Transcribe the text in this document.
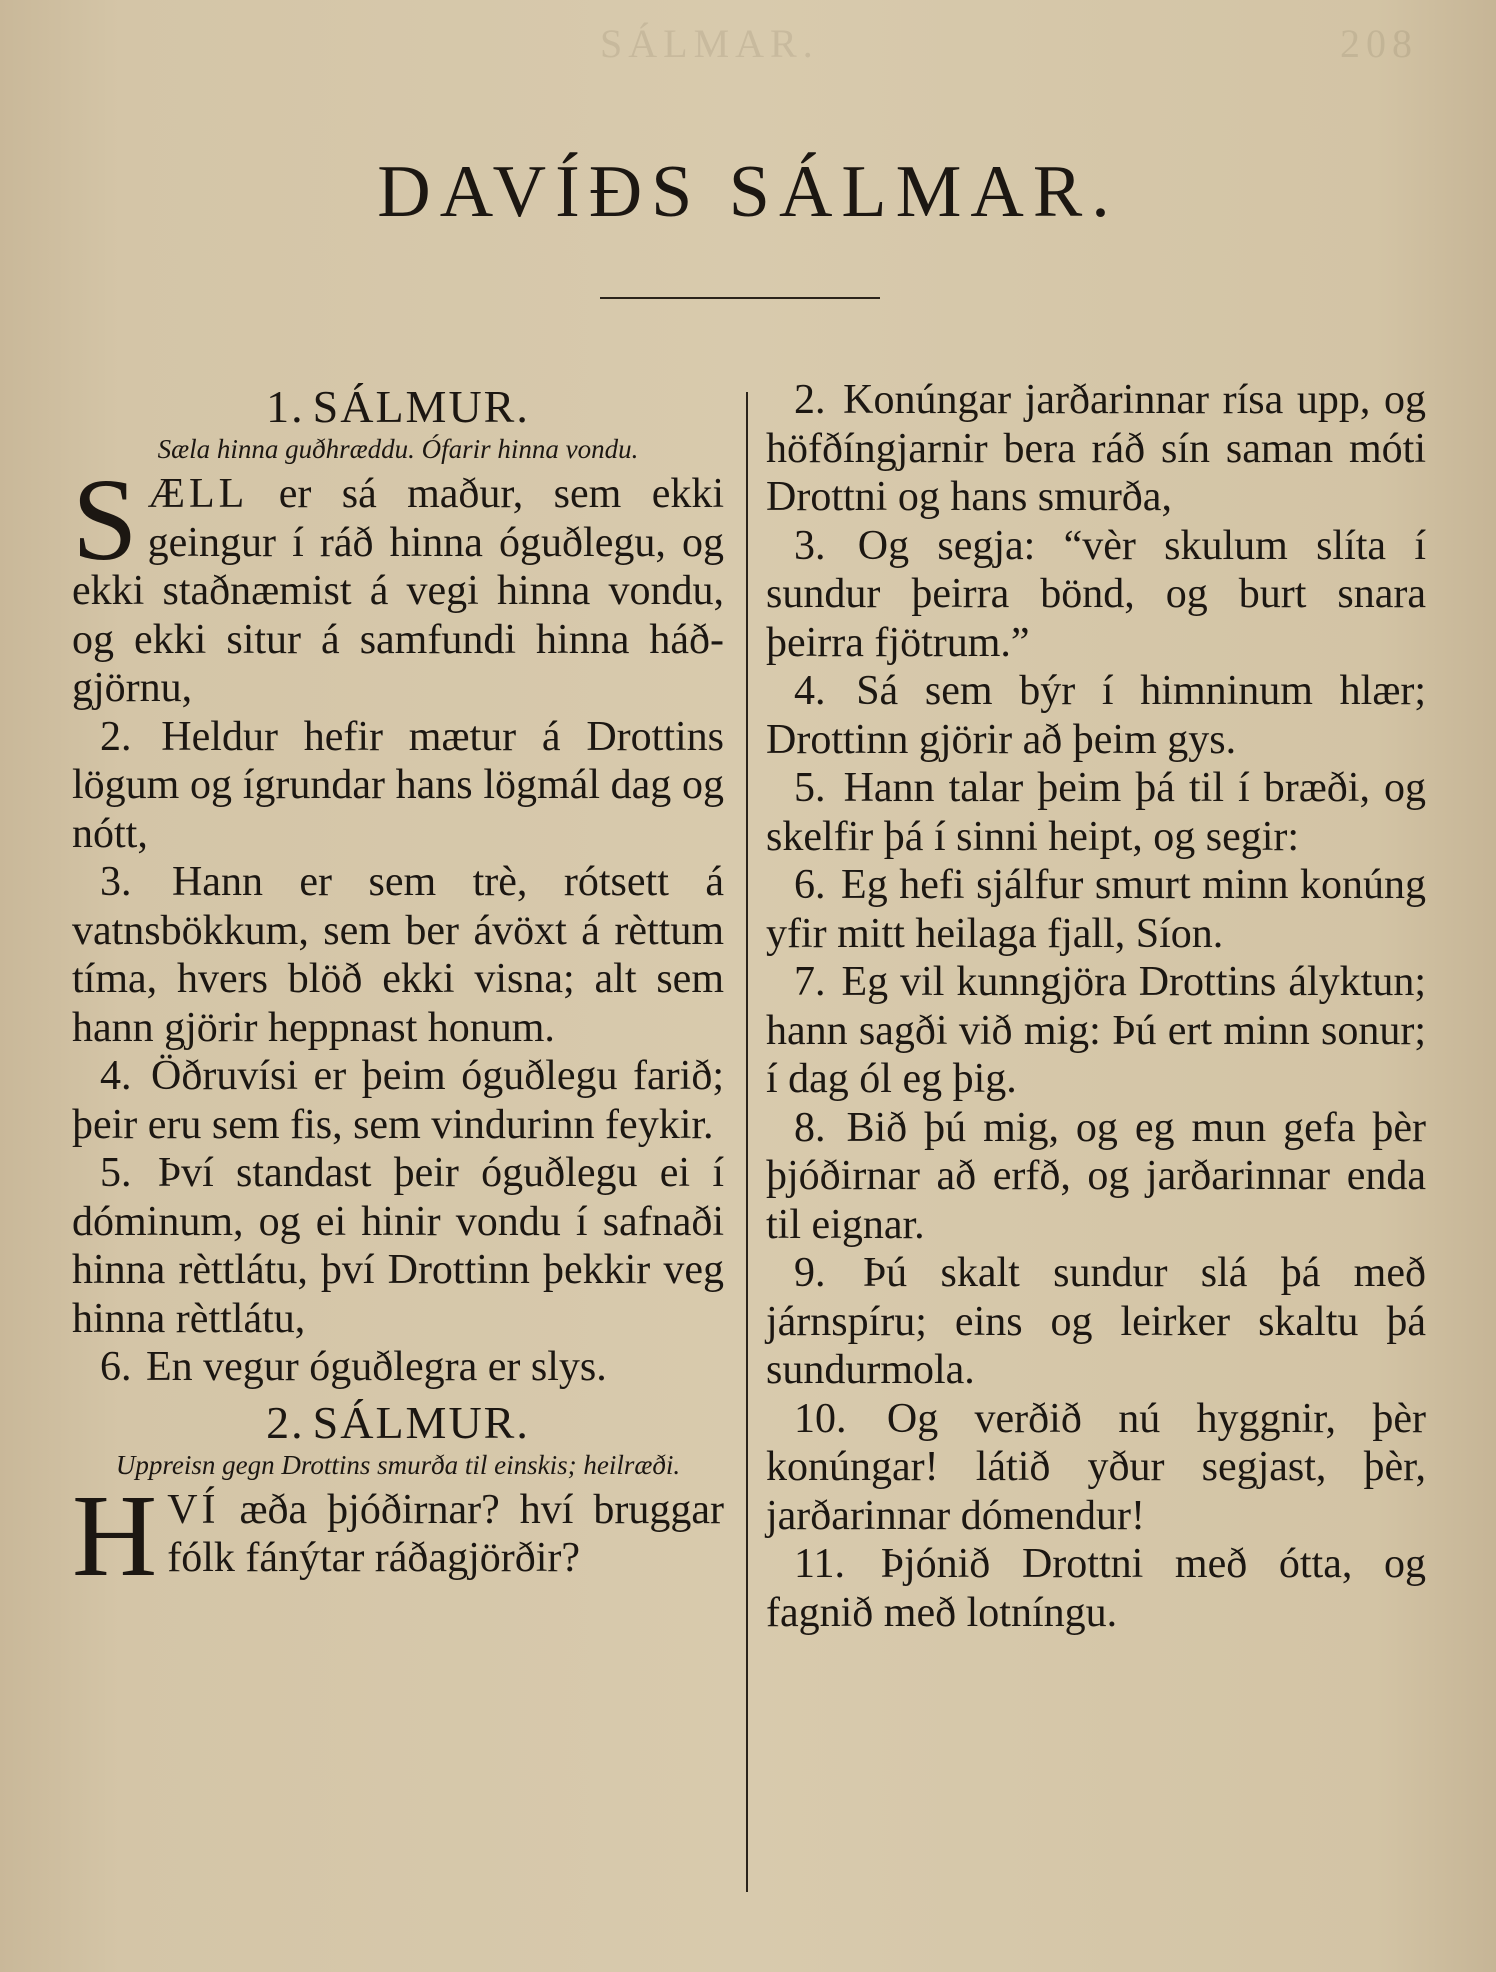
SÁLMAR.	208
DAVÍÐS SÁLMAR.
1. SÁLMUR.
Sæla hinna guðhræddu. Ófarir hinna vondu.
S ÆLL er sá maður, sem ekki geingur í ráð hinna óguðlegu, og ekki staðnæmist á vegi hinna vondu, og ekki situr á samfundi hinna háðgjörnu,

2. Heldur hefir mætur á Drottins lögum og ígrundar hans lögmál dag og nótt,

3. Hann er sem trè, rótsett á vatnsbökkum, sem ber ávöxt á rèttum tíma, hvers blöð ekki visna; alt sem hann gjörir heppnast honum.

4. Öðruvísi er þeim óguðlegu farið; þeir eru sem fis, sem vindurinn feykir.

5. Því standast þeir óguðlegu ei í dóminum, og ei hinir vondu í safnaði hinna rèttlátu, því Drottinn þekkir veg hinna rèttlátu,

6. En vegur óguðlegra er slys.

2. SÁLMUR.
Uppreisn gegn Drottins smurða til einskis; heilræði.
H VÍ æða þjóðirnar? hví bruggar fólk fánýtar ráðagjörðir?

2. Konúngar jarðarinnar rísa upp, og höfðíngjarnir bera ráð sín saman móti Drottni og hans smurða,

3. Og segja: “vèr skulum slíta í sundur þeirra bönd, og burt snara þeirra fjötrum.”

4. Sá sem býr í himninum hlær; Drottinn gjörir að þeim gys.

5. Hann talar þeim þá til í bræði, og skelfir þá í sinni heipt, og segir:

6. Eg hefi sjálfur smurt minn konúng yfir mitt heilaga fjall, Síon.

7. Eg vil kunngjöra Drottins ályktun; hann sagði við mig: Þú ert minn sonur; í dag ól eg þig.

8. Bið þú mig, og eg mun gefa þèr þjóðirnar að erfð, og jarðarinnar enda til eignar.

9. Þú skalt sundur slá þá með járnspíru; eins og leirker skaltu þá sundurmola.

10. Og verðið nú hyggnir, þèr konúngar! látið yður segjast, þèr, jarðarinnar dómendur!

11. Þjónið Drottni með ótta, og fagnið með lotníngu.
